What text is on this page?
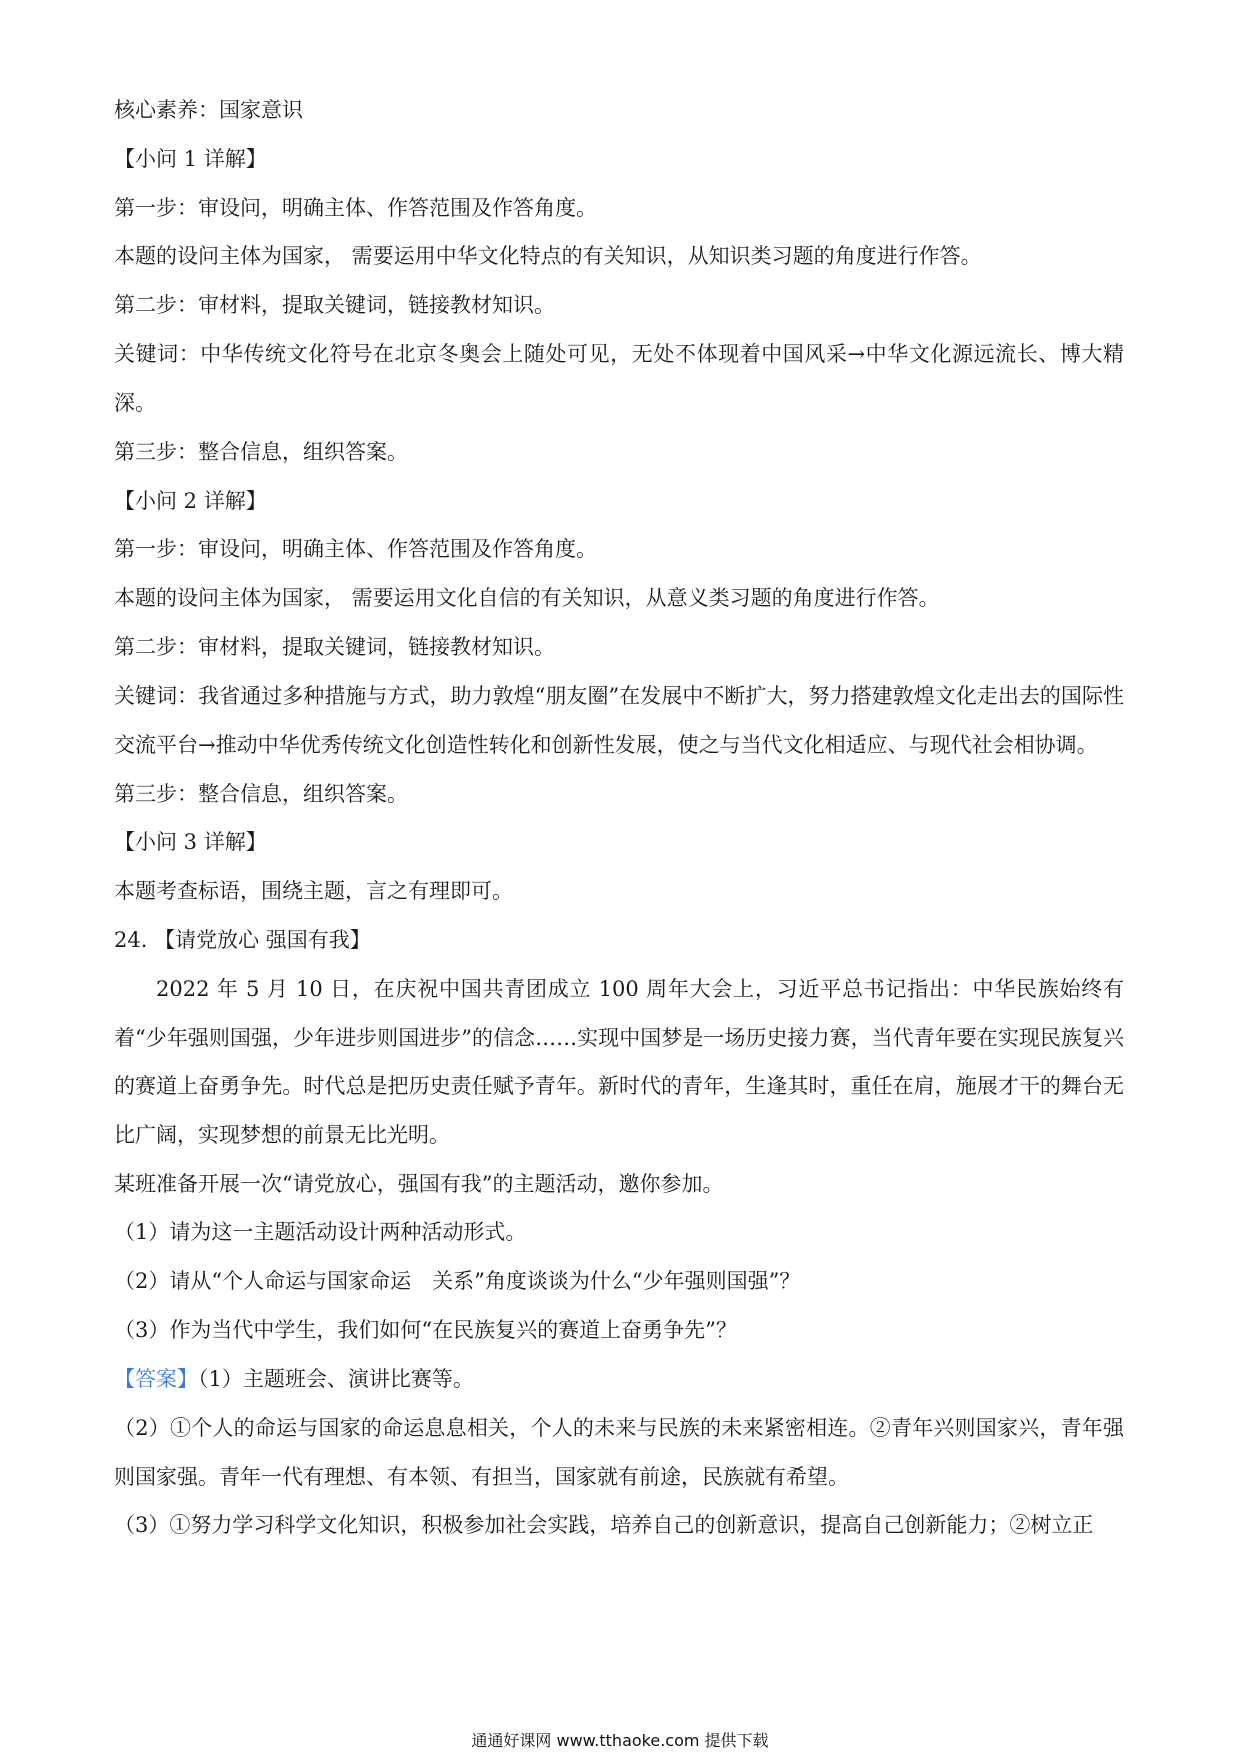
核心素养：国家意识
【小问 1 详解】
第一步：审设问，明确主体、作答范围及作答角度。
本题的设问主体为国家， 需要运用中华文化特点的有关知识，从知识类习题的角度进行作答。
第二步：审材料，提取关键词，链接教材知识。
关键词：中华传统文化符号在北京冬奥会上随处可见，无处不体现着中国风采→中华文化源远流长、博大精深。
第三步：整合信息，组织答案。
【小问 2 详解】
第一步：审设问，明确主体、作答范围及作答角度。
本题的设问主体为国家， 需要运用文化自信的有关知识，从意义类习题的角度进行作答。
第二步：审材料，提取关键词，链接教材知识。
关键词：我省通过多种措施与方式，助力敦煌“朋友圈”在发展中不断扩大，努力搭建敦煌文化走出去的国际性交流平台→推动中华优秀传统文化创造性转化和创新性发展，使之与当代文化相适应、与现代社会相协调。
第三步：整合信息，组织答案。
【小问 3 详解】
本题考查标语，围绕主题，言之有理即可。
24. 【请党放心 强国有我】
2022 年 5 月 10 日，在庆祝中国共青团成立 100 周年大会上，习近平总书记指出：中华民族始终有着“少年强则国强，少年进步则国进步”的信念……实现中国梦是一场历史接力赛，当代青年要在实现民族复兴的赛道上奋勇争先。时代总是把历史责任赋予青年。新时代的青年，生逢其时，重任在肩，施展才干的舞台无比广阔，实现梦想的前景无比光明。
某班准备开展一次“请党放心，强国有我”的主题活动，邀你参加。
（1）请为这一主题活动设计两种活动形式。
（2）请从“个人命运与国家命运　关系”角度谈谈为什么“少年强则国强”？
（3）作为当代中学生，我们如何“在民族复兴的赛道上奋勇争先”？
【答案】（1）主题班会、演讲比赛等。
（2）①个人的命运与国家的命运息息相关，个人的未来与民族的未来紧密相连。②青年兴则国家兴，青年强则国家强。青年一代有理想、有本领、有担当，国家就有前途，民族就有希望。
（3）①努力学习科学文化知识，积极参加社会实践，培养自己的创新意识，提高自己创新能力；②树立正
通通好课网 www.tthaoke.com 提供下载
